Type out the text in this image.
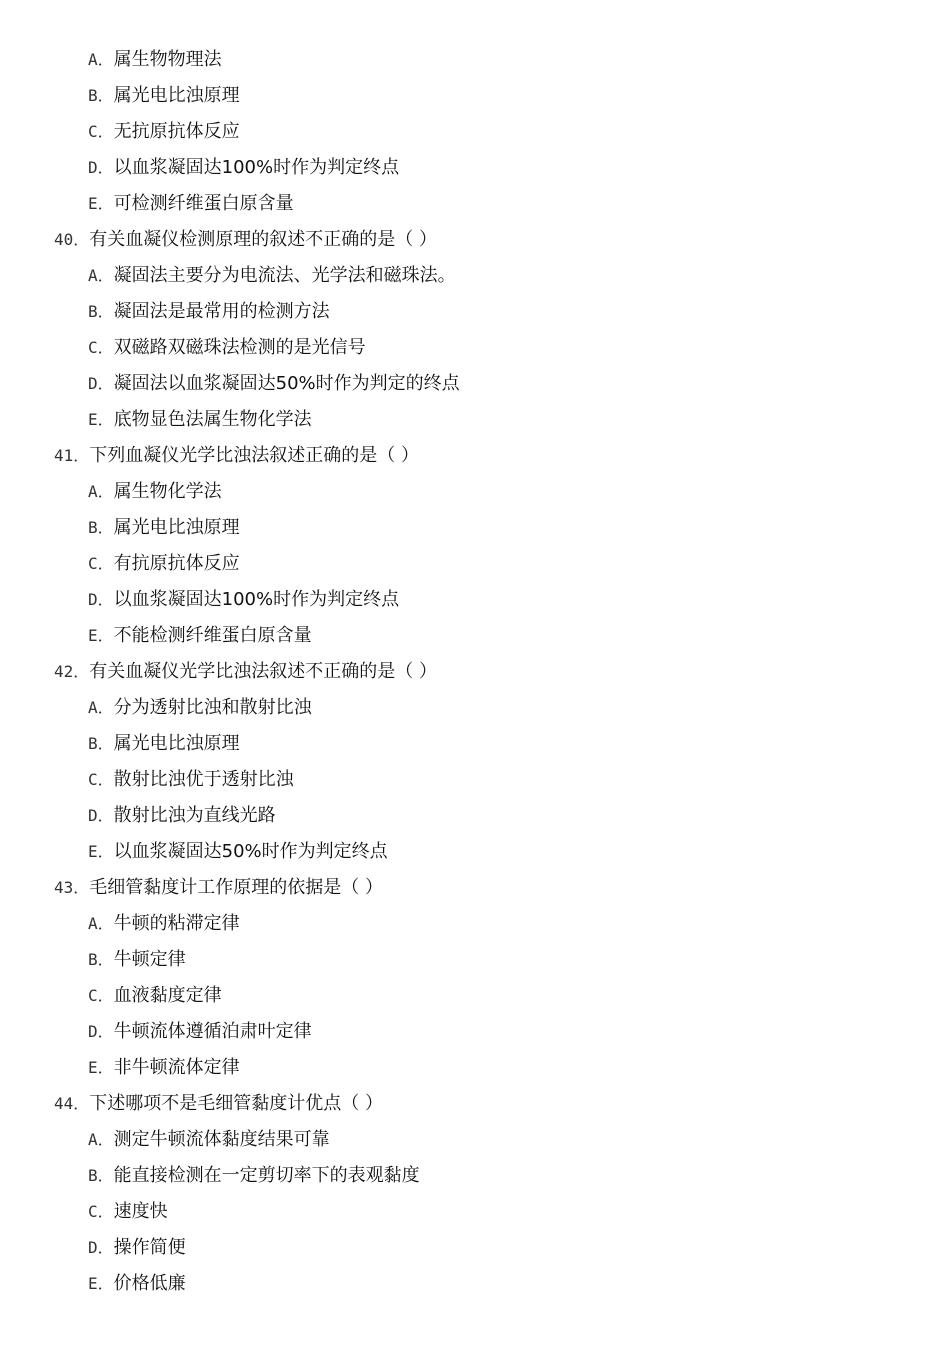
A．属生物物理法
B．属光电比浊原理
C．无抗原抗体反应
D．以血浆凝固达100%时作为判定终点
E．可检测纤维蛋白原含量
40．有关血凝仪检测原理的叙述不正确的是（ ）
A．凝固法主要分为电流法、光学法和磁珠法。
B．凝固法是最常用的检测方法
C．双磁路双磁珠法检测的是光信号
D．凝固法以血浆凝固达50%时作为判定的终点
E．底物显色法属生物化学法
41．下列血凝仪光学比浊法叙述正确的是（ ）
A．属生物化学法
B．属光电比浊原理
C．有抗原抗体反应
D．以血浆凝固达100%时作为判定终点
E．不能检测纤维蛋白原含量
42．有关血凝仪光学比浊法叙述不正确的是（ ）
A．分为透射比浊和散射比浊
B．属光电比浊原理
C．散射比浊优于透射比浊
D．散射比浊为直线光路
E．以血浆凝固达50%时作为判定终点
43．毛细管黏度计工作原理的依据是（ ）
A．牛顿的粘滞定律
B．牛顿定律
C．血液黏度定律
D．牛顿流体遵循泊肃叶定律
E．非牛顿流体定律
44．下述哪项不是毛细管黏度计优点（ ）
A．测定牛顿流体黏度结果可靠
B．能直接检测在一定剪切率下的表观黏度
C．速度快
D．操作简便
E．价格低廉
